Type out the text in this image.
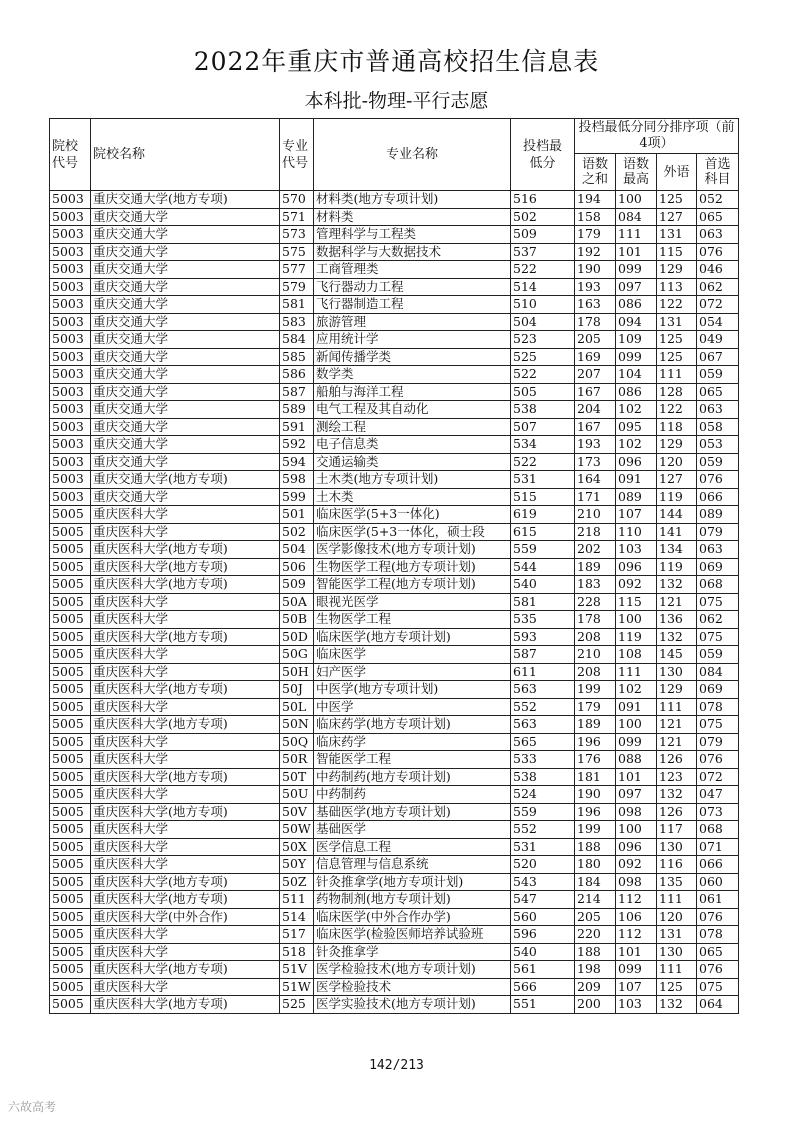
2022年重庆市普通高校招生信息表
本科批-物理-平行志愿
院校代号	院校名称	专业代号	专业名称	投档最低分	投档最低分同分排序项（前4项）			
					语数之和	语数最高	外语	首选科目
5003	重庆交通大学(地方专项)	570	材料类(地方专项计划)	516	194	100	125	052
5003	重庆交通大学	571	材料类	502	158	084	127	065
5003	重庆交通大学	573	管理科学与工程类	509	179	111	131	063
5003	重庆交通大学	575	数据科学与大数据技术	537	192	101	115	076
5003	重庆交通大学	577	工商管理类	522	190	099	129	046
5003	重庆交通大学	579	飞行器动力工程	514	193	097	113	062
5003	重庆交通大学	581	飞行器制造工程	510	163	086	122	072
5003	重庆交通大学	583	旅游管理	504	178	094	131	054
5003	重庆交通大学	584	应用统计学	523	205	109	125	049
5003	重庆交通大学	585	新闻传播学类	525	169	099	125	067
5003	重庆交通大学	586	数学类	522	207	104	111	059
5003	重庆交通大学	587	船舶与海洋工程	505	167	086	128	065
5003	重庆交通大学	589	电气工程及其自动化	538	204	102	122	063
5003	重庆交通大学	591	测绘工程	507	167	095	118	058
5003	重庆交通大学	592	电子信息类	534	193	102	129	053
5003	重庆交通大学	594	交通运输类	522	173	096	120	059
5003	重庆交通大学(地方专项)	598	土木类(地方专项计划)	531	164	091	127	076
5003	重庆交通大学	599	土木类	515	171	089	119	066
5005	重庆医科大学	501	临床医学(5+3一体化)	619	210	107	144	089
5005	重庆医科大学	502	临床医学(5+3一体化，硕士段	615	218	110	141	079
5005	重庆医科大学(地方专项)	504	医学影像技术(地方专项计划)	559	202	103	134	063
5005	重庆医科大学(地方专项)	506	生物医学工程(地方专项计划)	544	189	096	119	069
5005	重庆医科大学(地方专项)	509	智能医学工程(地方专项计划)	540	183	092	132	068
5005	重庆医科大学	50A	眼视光医学	581	228	115	121	075
5005	重庆医科大学	50B	生物医学工程	535	178	100	136	062
5005	重庆医科大学(地方专项)	50D	临床医学(地方专项计划)	593	208	119	132	075
5005	重庆医科大学	50G	临床医学	587	210	108	145	059
5005	重庆医科大学	50H	妇产医学	611	208	111	130	084
5005	重庆医科大学(地方专项)	50J	中医学(地方专项计划)	563	199	102	129	069
5005	重庆医科大学	50L	中医学	552	179	091	111	078
5005	重庆医科大学(地方专项)	50N	临床药学(地方专项计划)	563	189	100	121	075
5005	重庆医科大学	50Q	临床药学	565	196	099	121	079
5005	重庆医科大学	50R	智能医学工程	533	176	088	126	076
5005	重庆医科大学(地方专项)	50T	中药制药(地方专项计划)	538	181	101	123	072
5005	重庆医科大学	50U	中药制药	524	190	097	132	047
5005	重庆医科大学(地方专项)	50V	基础医学(地方专项计划)	559	196	098	126	073
5005	重庆医科大学	50W	基础医学	552	199	100	117	068
5005	重庆医科大学	50X	医学信息工程	531	188	096	130	071
5005	重庆医科大学	50Y	信息管理与信息系统	520	180	092	116	066
5005	重庆医科大学(地方专项)	50Z	针灸推拿学(地方专项计划)	543	184	098	135	060
5005	重庆医科大学(地方专项)	511	药物制剂(地方专项计划)	547	214	112	111	061
5005	重庆医科大学(中外合作)	514	临床医学(中外合作办学)	560	205	106	120	076
5005	重庆医科大学	517	临床医学(检验医师培养试验班	596	220	112	131	078
5005	重庆医科大学	518	针灸推拿学	540	188	101	130	065
5005	重庆医科大学(地方专项)	51V	医学检验技术(地方专项计划)	561	198	099	111	076
5005	重庆医科大学	51W	医学检验技术	566	209	107	125	075
5005	重庆医科大学(地方专项)	525	医学实验技术(地方专项计划)	551	200	103	132	064
142/213
六故高考
